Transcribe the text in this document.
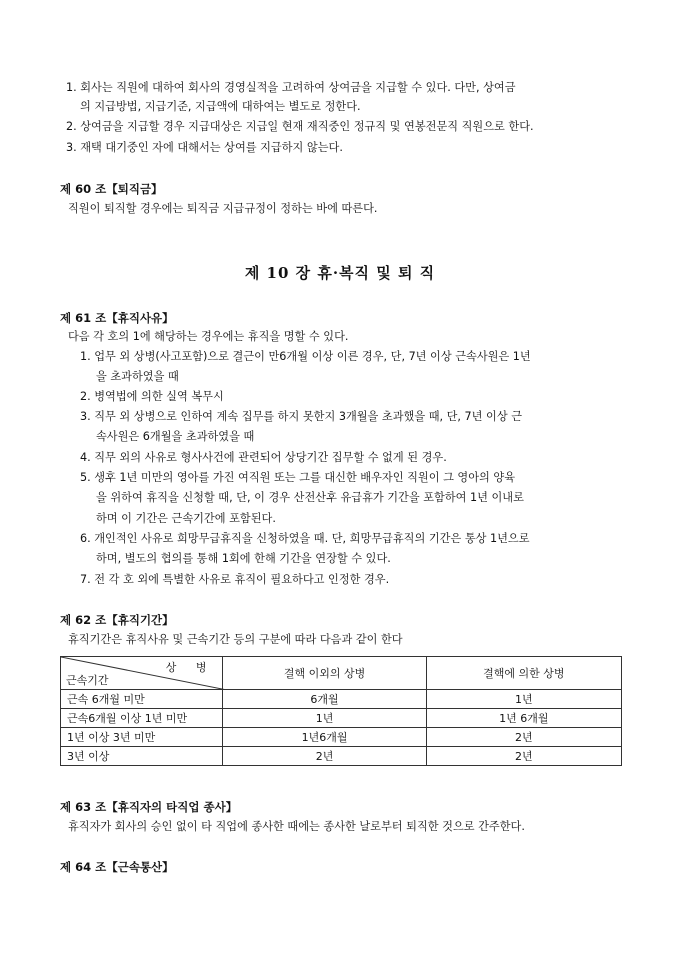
1. 회사는 직원에 대하여 회사의 경영실적을 고려하여 상여금을 지급할 수 있다. 다만, 상여금
의 지급방법, 지급기준, 지급액에 대하여는 별도로 정한다.
2. 상여금을 지급할 경우 지급대상은 지급일 현재 재직중인 정규직 및 연봉전문직 직원으로 한다.
3. 재택 대기중인 자에 대해서는 상여를 지급하지 않는다.
제 60 조【퇴직금】
직원이 퇴직할 경우에는 퇴직금 지급규정이 정하는 바에 따른다.
제 10 장 휴·복직 및 퇴 직
제 61 조【휴직사유】
다음 각 호의 1에 해당하는 경우에는 휴직을 명할 수 있다.
1. 업무 외 상병(사고포함)으로 결근이 만6개월 이상 이른 경우, 단, 7년 이상 근속사원은 1년
을 초과하였을 때
2. 병역법에 의한 실역 복무시
3. 직무 외 상병으로 인하여 계속 집무를 하지 못한지 3개월을 초과했을 때, 단, 7년 이상 근
속사원은 6개월을 초과하였을 때
4. 직무 외의 사유로 형사사건에 관련되어 상당기간 집무할 수 없게 된 경우.
5. 생후 1년 미만의 영아를 가진 여직원 또는 그를 대신한 배우자인 직원이 그 영아의 양육
을 위하여 휴직을 신청할 때, 단, 이 경우 산전산후 유급휴가 기간을 포함하여 1년 이내로
하며 이 기간은 근속기간에 포함된다.
6. 개인적인 사유로 희망무급휴직을 신청하였을 때. 단, 희망무급휴직의 기간은 통상 1년으로
하며, 별도의 협의를 통해 1회에 한해 기간을 연장할 수 있다.
7. 전 각 호 외에 특별한 사유로 휴직이 필요하다고 인정한 경우.
제 62 조【휴직기간】
휴직기간은 휴직사유 및 근속기간 등의 구분에 따라 다음과 같이 한다
상 병
근속기간	결핵 이외의 상병	결핵에 의한 상병
근속 6개월 미만	6개월	1년
근속6개월 이상 1년 미만	1년	1년 6개월
1년 이상 3년 미만	1년6개월	2년
3년 이상	2년	2년
제 63 조【휴직자의 타직업 종사】
휴직자가 회사의 승인 없이 타 직업에 종사한 때에는 종사한 날로부터 퇴직한 것으로 간주한다.
제 64 조【근속통산】
